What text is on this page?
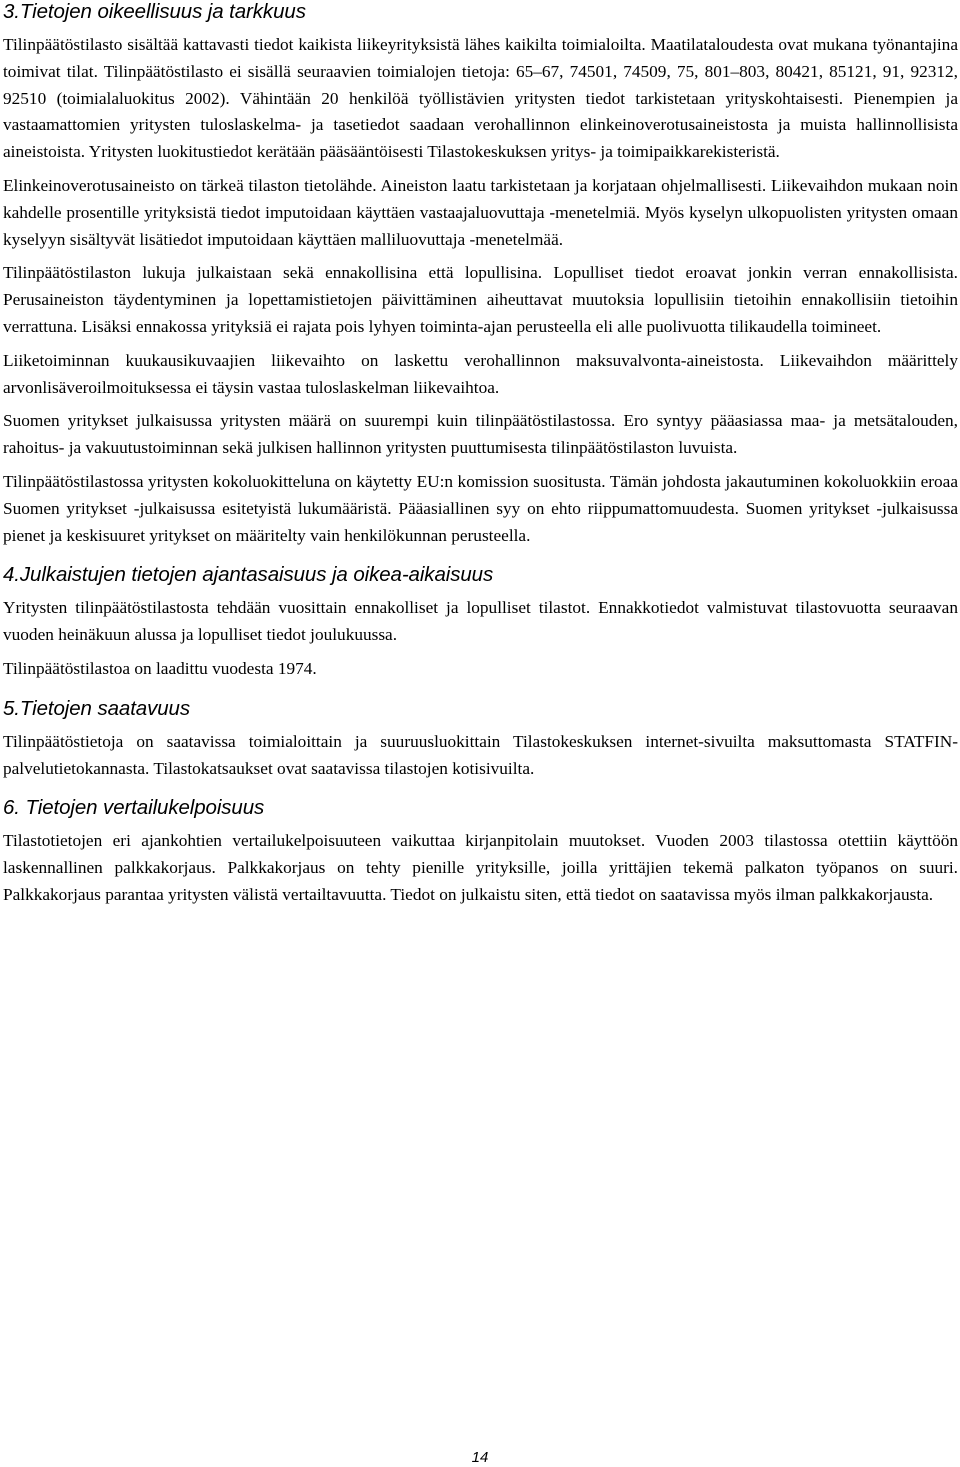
3.Tietojen oikeellisuus ja tarkkuus

Tilinpäätöstilasto sisältää kattavasti tiedot kaikista liikeyrityksistä lähes kaikilta toimialoilta. Maatilataloudesta ovat mukana työnantajina toimivat tilat. Tilinpäätöstilasto ei sisällä seuraavien toimialojen tietoja: 65–67, 74501, 74509, 75, 801–803, 80421, 85121, 91, 92312, 92510 (toimialaluokitus 2002). Vähintään 20 henkilöä työllistävien yritysten tiedot tarkistetaan yrityskohtaisesti. Pienempien ja vastaamattomien yritysten tuloslaskelma- ja tasetiedot saadaan verohallinnon elinkeinoverotusaineistosta ja muista hallinnollisista aineistoista. Yritysten luokitustiedot kerätään pääsääntöisesti Tilastokeskuksen yritys- ja toimipaikkarekisteristä.

Elinkeinoverotusaineisto on tärkeä tilaston tietolähde. Aineiston laatu tarkistetaan ja korjataan ohjelmallisesti. Liikevaihdon mukaan noin kahdelle prosentille yrityksistä tiedot imputoidaan käyttäen vastaajaluovuttaja -menetelmiä. Myös kyselyn ulkopuolisten yritysten omaan kyselyyn sisältyvät lisätiedot imputoidaan käyttäen malliluovuttaja -menetelmää.

Tilinpäätöstilaston lukuja julkaistaan sekä ennakollisina että lopullisina. Lopulliset tiedot eroavat jonkin verran ennakollisista. Perusaineiston täydentyminen ja lopettamistietojen päivittäminen aiheuttavat muutoksia lopullisiin tietoihin ennakollisiin tietoihin verrattuna. Lisäksi ennakossa yrityksiä ei rajata pois lyhyen toiminta-ajan perusteella eli alle puolivuotta tilikaudella toimineet.

Liiketoiminnan kuukausikuvaajien liikevaihto on laskettu verohallinnon maksuvalvonta-aineistosta. Liikevaihdon määrittely arvonlisäveroilmoituksessa ei täysin vastaa tuloslaskelman liikevaihtoa.

Suomen yritykset julkaisussa yritysten määrä on suurempi kuin tilinpäätöstilastossa. Ero syntyy pääasiassa maa- ja metsätalouden, rahoitus- ja vakuutustoiminnan sekä julkisen hallinnon yritysten puuttumisesta tilinpäätöstilaston luvuista.

Tilinpäätöstilastossa yritysten kokoluokitteluna on käytetty EU:n komission suositusta. Tämän johdosta jakautuminen kokoluokkiin eroaa Suomen yritykset -julkaisussa esitetyistä lukumääristä. Pääasiallinen syy on ehto riippumattomuudesta. Suomen yritykset -julkaisussa pienet ja keskisuuret yritykset on määritelty vain henkilökunnan perusteella.

4.Julkaistujen tietojen ajantasaisuus ja oikea-aikaisuus

Yritysten tilinpäätöstilastosta tehdään vuosittain ennakolliset ja lopulliset tilastot. Ennakkotiedot valmistuvat tilastovuotta seuraavan vuoden heinäkuun alussa ja lopulliset tiedot joulukuussa.

Tilinpäätöstilastoa on laadittu vuodesta 1974.

5.Tietojen saatavuus

Tilinpäätöstietoja on saatavissa toimialoittain ja suuruusluokittain Tilastokeskuksen internet-sivuilta maksuttomasta STATFIN-palvelutietokannasta. Tilastokatsaukset ovat saatavissa tilastojen kotisivuilta.

6. Tietojen vertailukelpoisuus

Tilastotietojen eri ajankohtien vertailukelpoisuuteen vaikuttaa kirjanpitolain muutokset. Vuoden 2003 tilastossa otettiin käyttöön laskennallinen palkkakorjaus. Palkkakorjaus on tehty pienille yrityksille, joilla yrittäjien tekemä palkaton työpanos on suuri. Palkkakorjaus parantaa yritysten välistä vertailtavuutta. Tiedot on julkaistu siten, että tiedot on saatavissa myös ilman palkkakorjausta.

14
